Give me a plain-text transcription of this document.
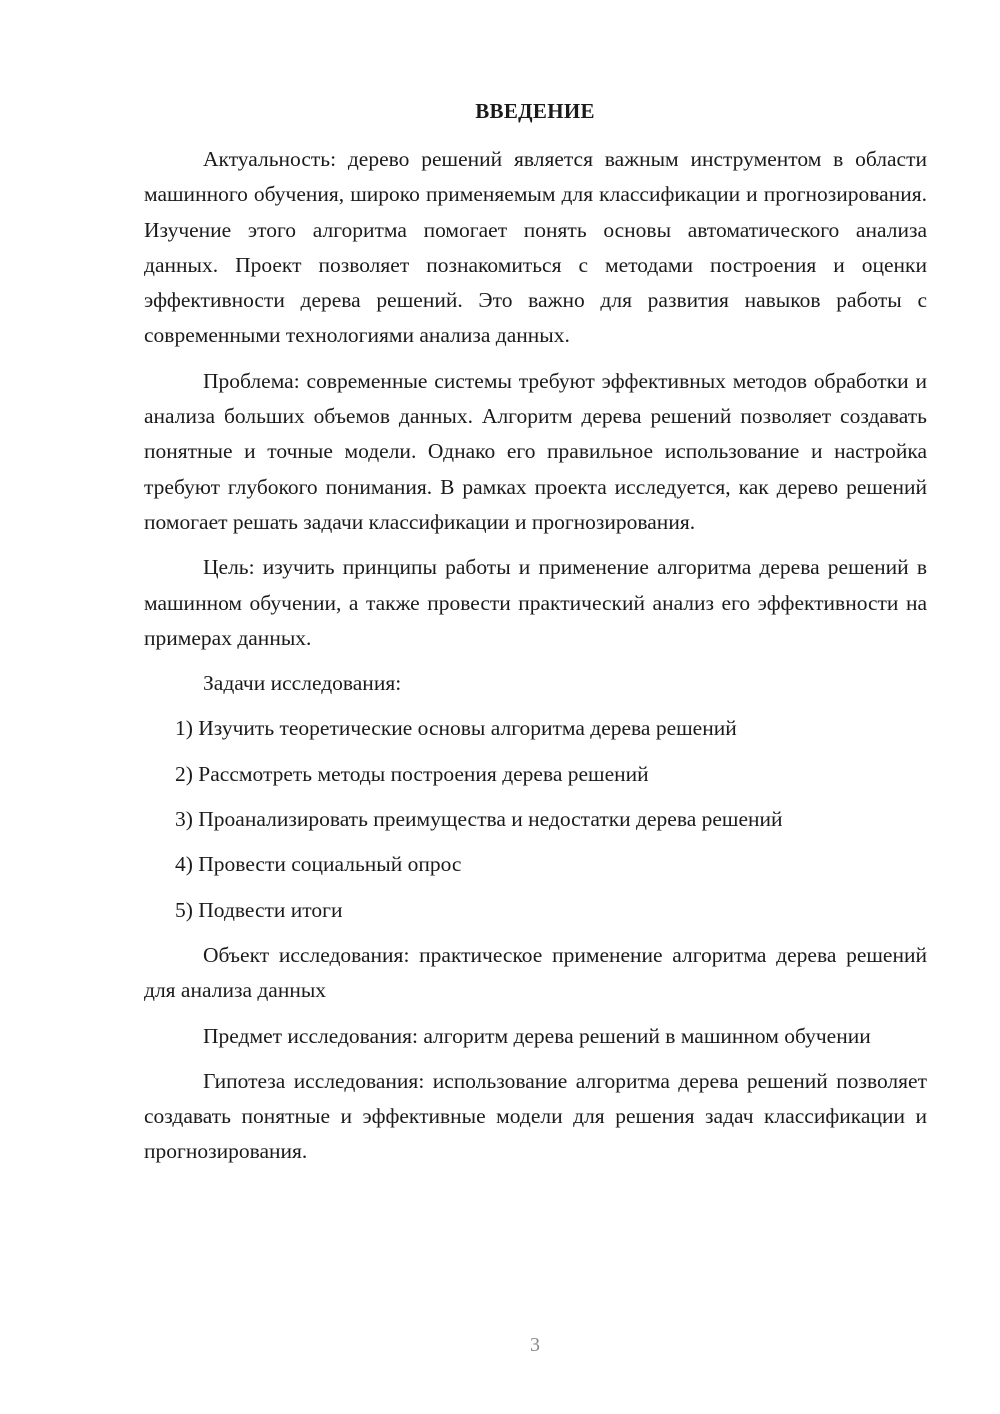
ВВЕДЕНИЕ

Актуальность: дерево решений является важным инструментом в области машинного обучения, широко применяемым для классификации и прогнозирования. Изучение этого алгоритма помогает понять основы автоматического анализа данных. Проект позволяет познакомиться с методами построения и оценки эффективности дерева решений. Это важно для развития навыков работы с современными технологиями анализа данных.

Проблема: современные системы требуют эффективных методов обработки и анализа больших объемов данных. Алгоритм дерева решений позволяет создавать понятные и точные модели. Однако его правильное использование и настройка требуют глубокого понимания. В рамках проекта исследуется, как дерево решений помогает решать задачи классификации и прогнозирования.

Цель: изучить принципы работы и применение алгоритма дерева решений в машинном обучении, а также провести практический анализ его эффективности на примерах данных.

Задачи исследования:

1) Изучить теоретические основы алгоритма дерева решений
2) Рассмотреть методы построения дерева решений
3) Проанализировать преимущества и недостатки дерева решений
4) Провести социальный опрос
5) Подвести итоги

Объект исследования: практическое применение алгоритма дерева решений для анализа данных

Предмет исследования: алгоритм дерева решений в машинном обучении

Гипотеза исследования: использование алгоритма дерева решений позволяет создавать понятные и эффективные модели для решения задач классификации и прогнозирования.

3
